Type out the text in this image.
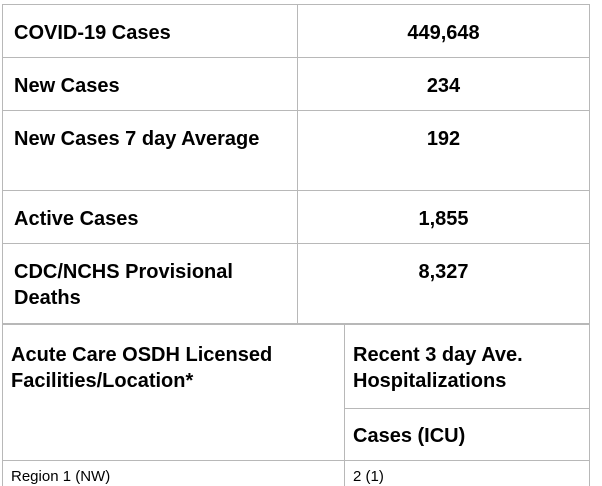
COVID-19 Cases	449,648
New Cases	234
New Cases 7 day Average	192
Active Cases	1,855
CDC/NCHS Provisional Deaths	8,327
Acute Care OSDH Licensed Facilities/Location*	Recent 3 day Ave. Hospitalizations
	Cases (ICU)
Region 1 (NW)	2 (1)
